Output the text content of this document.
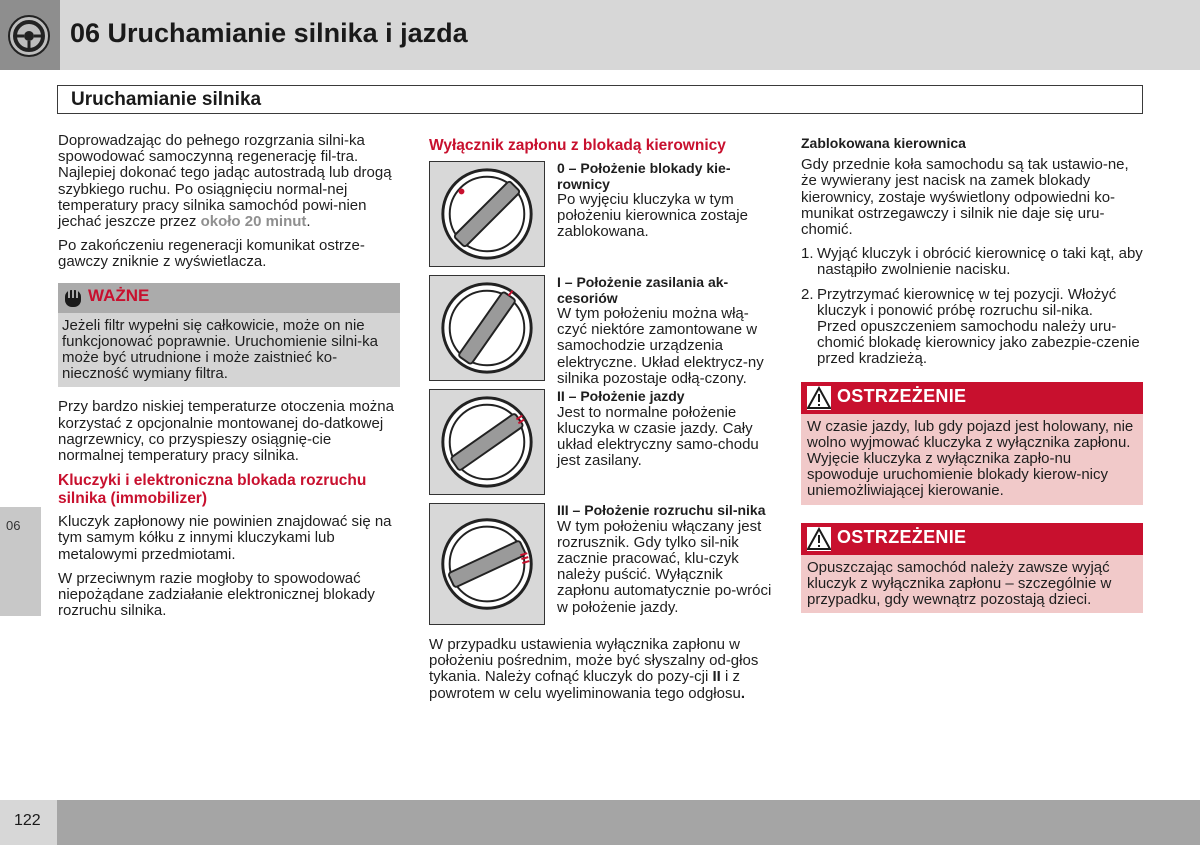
06 Uruchamianie silnika i jazda
Uruchamianie silnika
06

Doprowadzając do pełnego rozgrzania silni-ka spowodować samoczynną regenerację fil-tra. Najlepiej dokonać tego jadąc autostradą lub drogą szybkiego ruchu. Po osiągnięciu normal-nej temperatury pracy silnika samochód powi-nien jechać jeszcze przez około 20 minut.

Po zakończeniu regeneracji komunikat ostrze-gawczy zniknie z wyświetlacza.

WAŻNE
Jeżeli filtr wypełni się całkowicie, może on nie funkcjonować poprawnie. Uruchomienie silni-ka może być utrudnione i może zaistnieć ko-nieczność wymiany filtra.

Przy bardzo niskiej temperaturze otoczenia można korzystać z opcjonalnie montowanej do-datkowej nagrzewnicy, co przyspieszy osiągnię-cie normalnej temperatury pracy silnika.

Kluczyki i elektroniczna blokada rozruchu silnika (immobilizer)

Kluczyk zapłonowy nie powinien znajdować się na tym samym kółku z innymi kluczykami lub metalowymi przedmiotami.

W przeciwnym razie mogłoby to spowodować niepożądane zadziałanie elektronicznej blokady rozruchu silnika.

Wyłącznik zapłonu z blokadą kierownicy
0 – Położenie blokady kie-rownicy
Po wyjęciu kluczyka w tym położeniu kierownica zostaje zablokowana.
I – Położenie zasilania ak-cesoriów
W tym położeniu można włą-czyć niektóre zamontowane w samochodzie urządzenia elektryczne. Układ elektrycz-ny silnika pozostaje odłą-czony.
II – Położenie jazdy
Jest to normalne położenie kluczyka w czasie jazdy. Cały układ elektryczny samo-chodu jest zasilany.
III – Położenie rozruchu sil-nika
W tym położeniu włączany jest rozrusznik. Gdy tylko sil-nik zacznie pracować, klu-czyk należy puścić. Wyłącznik zapłonu automatycznie po-wróci w położenie jazdy.

W przypadku ustawienia wyłącznika zapłonu w położeniu pośrednim, może być słyszalny od-głos tykania. Należy cofnąć kluczyk do pozy-cji II i z powrotem w celu wyeliminowania tego odgłosu.

Zablokowana kierownica

Gdy przednie koła samochodu są tak ustawio-ne, że wywierany jest nacisk na zamek blokady kierownicy, zostaje wyświetlony odpowiedni ko-munikat ostrzegawczy i silnik nie daje się uru-chomić.

1. Wyjąć kluczyk i obrócić kierownicę o taki kąt, aby nastąpiło zwolnienie nacisku.
2. Przytrzymać kierownicę w tej pozycji. Włożyć kluczyk i ponowić próbę rozruchu sil-nika.
Przed opuszczeniem samochodu należy uru-chomić blokadę kierownicy jako zabezpie-czenie przed kradzieżą.
OSTRZEŻENIE
W czasie jazdy, lub gdy pojazd jest holowany, nie wolno wyjmować kluczyka z wyłącznika zapłonu. Wyjęcie kluczyka z wyłącznika zapło-nu spowoduje uruchomienie blokady kierow-nicy uniemożliwiającej kierowanie.
OSTRZEŻENIE
Opuszczając samochód należy zawsze wyjąć kluczyk z wyłącznika zapłonu – szczególnie w przypadku, gdy wewnątrz pozostają dzieci.
122
